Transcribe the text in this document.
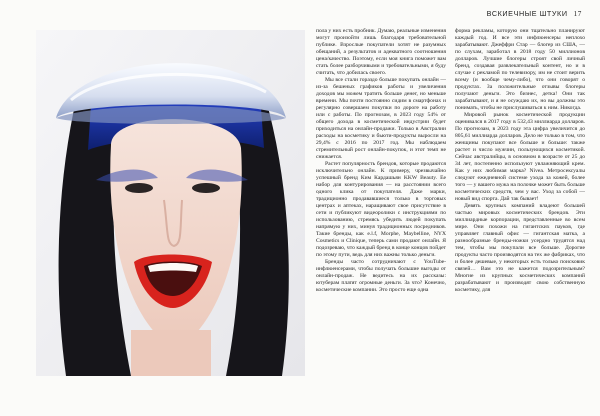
ВСКИЕЧНЫЕ ШТУКИ 17

пола у них есть пробник. Думаю, реальные изменения могут произойти лишь благодаря требовательной публике. Взрослые покупатели хотят не разумных обещаний, а результатов и адекватного соотношения цена/качество. Поэтому, если моя книга поможет вам стать более разборчивыми и требовательными, я буду считать, что добилась своего.

Мы все стали гораздо больше покупать онлайн — из-за бешеных графиков работы и увеличения доходов мы можем тратить больше денег, но меньше времени. Мы почти постоянно сидим в смартфонах и регулярно совершаем покупки по дороге на работу или с работы. По прогнозам, в 2023 году 54% от общего дохода в косметической индустрии будет приходиться на онлайн-продажи. Только в Австралии расходы на косметику и бьюти-продукты выросли на 29,4% с 2016 по 2017 год. Мы наблюдаем стремительный рост онлайн-покупок, и этот темп не снижается.

Растет популярность брендов, которые продаются исключительно онлайн. К примеру, чрезвычайно успешный бренд Ким Кардашьян KKW Beauty. Ее набор для контурирования — на расстоянии всего одного клика от покупателя. Даже марки, традиционно продававшиеся только в торговых центрах и аптеках, наращивают свое присутствие в сети и публикуют видеоролики с инструкциями по использованию, стремясь убедить людей покупать напрямую у них, минуя традиционных посредников. Такие бренды, как e.l.f, Morphe, Maybelline, NYX Cosmetics и Clinique, теперь сами продают онлайн. Я подозреваю, что каждый бренд в конце концов пойдет по этому пути, ведь для них важны только деньги.

Бренды часто сотрудничают с YouTube-инфлюенсерами, чтобы получать большие выгоды от онлайн-продаж. Не ведитесь на их рассказы: ютуберам платят огромные деньги. За что? Конечно, косметические компании. Это просто еще одна

форма рекламы, которую они тщательно планируют каждый год. И все эти инфлюенсеры неплохо зарабатывают. Джеффри Стар — блогер из США, — по слухам, заработал в 2018 году 50 миллионов долларов. Лучшие блогеры строят свой личный бренд, создавая развлекательный контент, но и в случае с рекламой по телевизору, им не стоит верить всему (и вообще чему-либо), что они говорят о продуктах. За положительные отзывы блогеры получают деньги. Это бизнес, детка! Они так зарабатывают, и я не осуждаю их, но вы должны это понимать, чтобы не прислушиваться к ним. Никогда.

Мировой рынок косметической продукции оценивался в 2017 году в 532,43 миллиарда долларов. По прогнозам, в 2023 году эта цифра увеличится до 805,61 миллиарда долларов. Дело не только в том, что женщины покупают все больше и больше: также растет и число мужчин, пользующихся косметикой. Сейчас австралийцы, в основном в возрасте от 25 до 34 лет, постепенно используют увлажняющий крем. Как у них любимая марка? Nivea. Метросексуалы следуют ежедневной системе ухода за кожей, более того — у вашего мужа на полочке может быть больше косметических средств, чем у вас. Уход за собой — новый вид спорта. Дай так бывает!

Девять крупных компаний владеют большей частью мировых косметических брендов. Эти миллиардные корпорации, представленные во всем мире. Они похожи на гигантских пауков, где управляет главный офис — гигантская матка, а разнообразные бренды-ножки усердно трудятся над тем, чтобы мы покупали все больше. Дорогие продукты часто производятся на тех же фабриках, что и более дешевые, у некоторых есть только поисковик связей… Вам это не кажется подозрительным? Многие из крупных косметических компаний разрабатывают и производят свою собственную косметику, для
